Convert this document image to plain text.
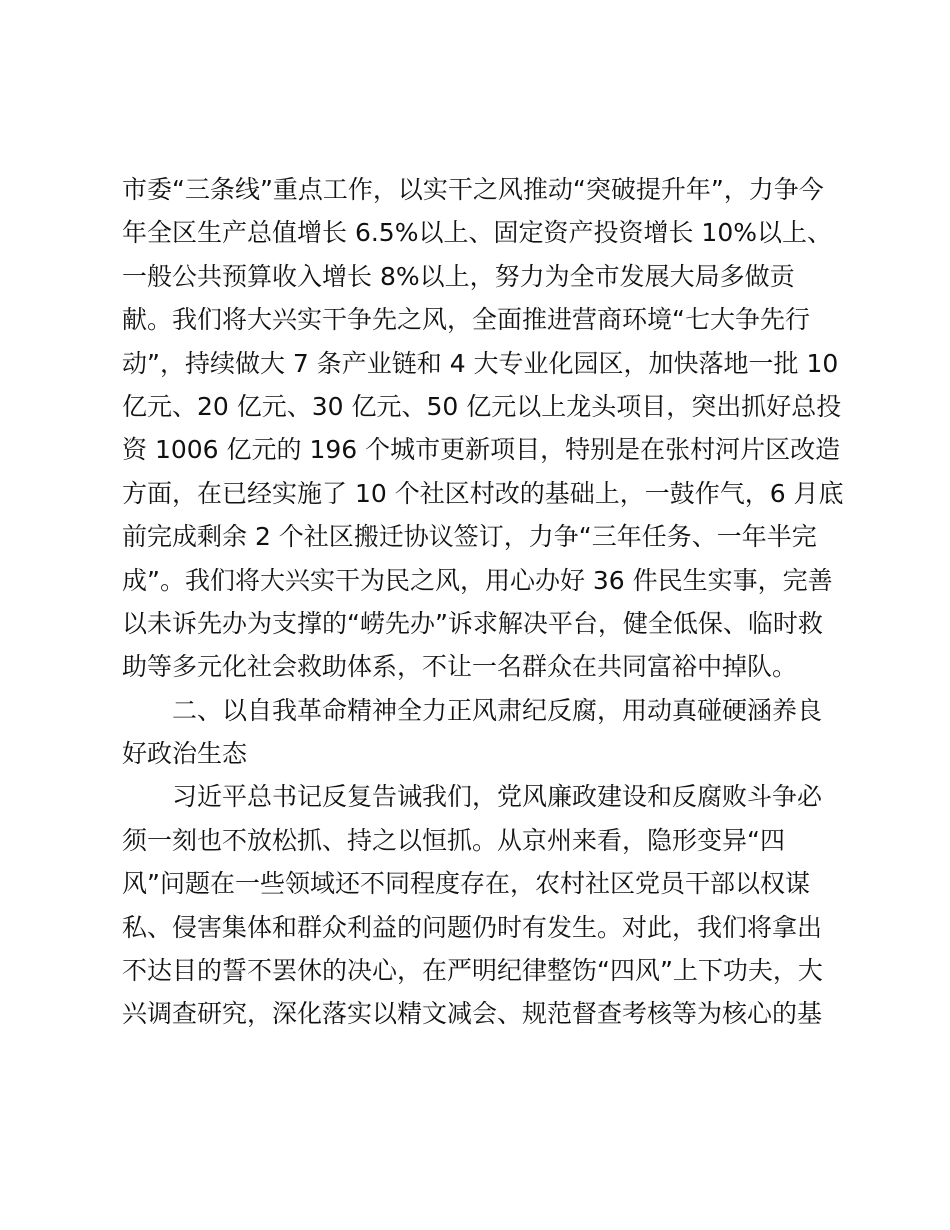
市委“三条线”重点工作，以实干之风推动“突破提升年”，力争今
年全区生产总值增长 6.5%以上、固定资产投资增长 10%以上、
一般公共预算收入增长 8%以上，努力为全市发展大局多做贡
献。我们将大兴实干争先之风，全面推进营商环境“七大争先行
动”，持续做大 7 条产业链和 4 大专业化园区，加快落地一批 10
亿元、20 亿元、30 亿元、50 亿元以上龙头项目，突出抓好总投
资 1006 亿元的 196 个城市更新项目，特别是在张村河片区改造
方面，在已经实施了 10 个社区村改的基础上，一鼓作气，6 月底
前完成剩余 2 个社区搬迁协议签订，力争“三年任务、一年半完
成”。我们将大兴实干为民之风，用心办好 36 件民生实事，完善
以未诉先办为支撑的“崂先办”诉求解决平台，健全低保、临时救
助等多元化社会救助体系，不让一名群众在共同富裕中掉队。
二、以自我革命精神全力正风肃纪反腐，用动真碰硬涵养良
好政治生态
习近平总书记反复告诫我们，党风廉政建设和反腐败斗争必
须一刻也不放松抓、持之以恒抓。从京州来看，隐形变异“四
风”问题在一些领域还不同程度存在，农村社区党员干部以权谋
私、侵害集体和群众利益的问题仍时有发生。对此，我们将拿出
不达目的誓不罢休的决心，在严明纪律整饬“四风”上下功夫，大
兴调查研究，深化落实以精文减会、规范督查考核等为核心的基
